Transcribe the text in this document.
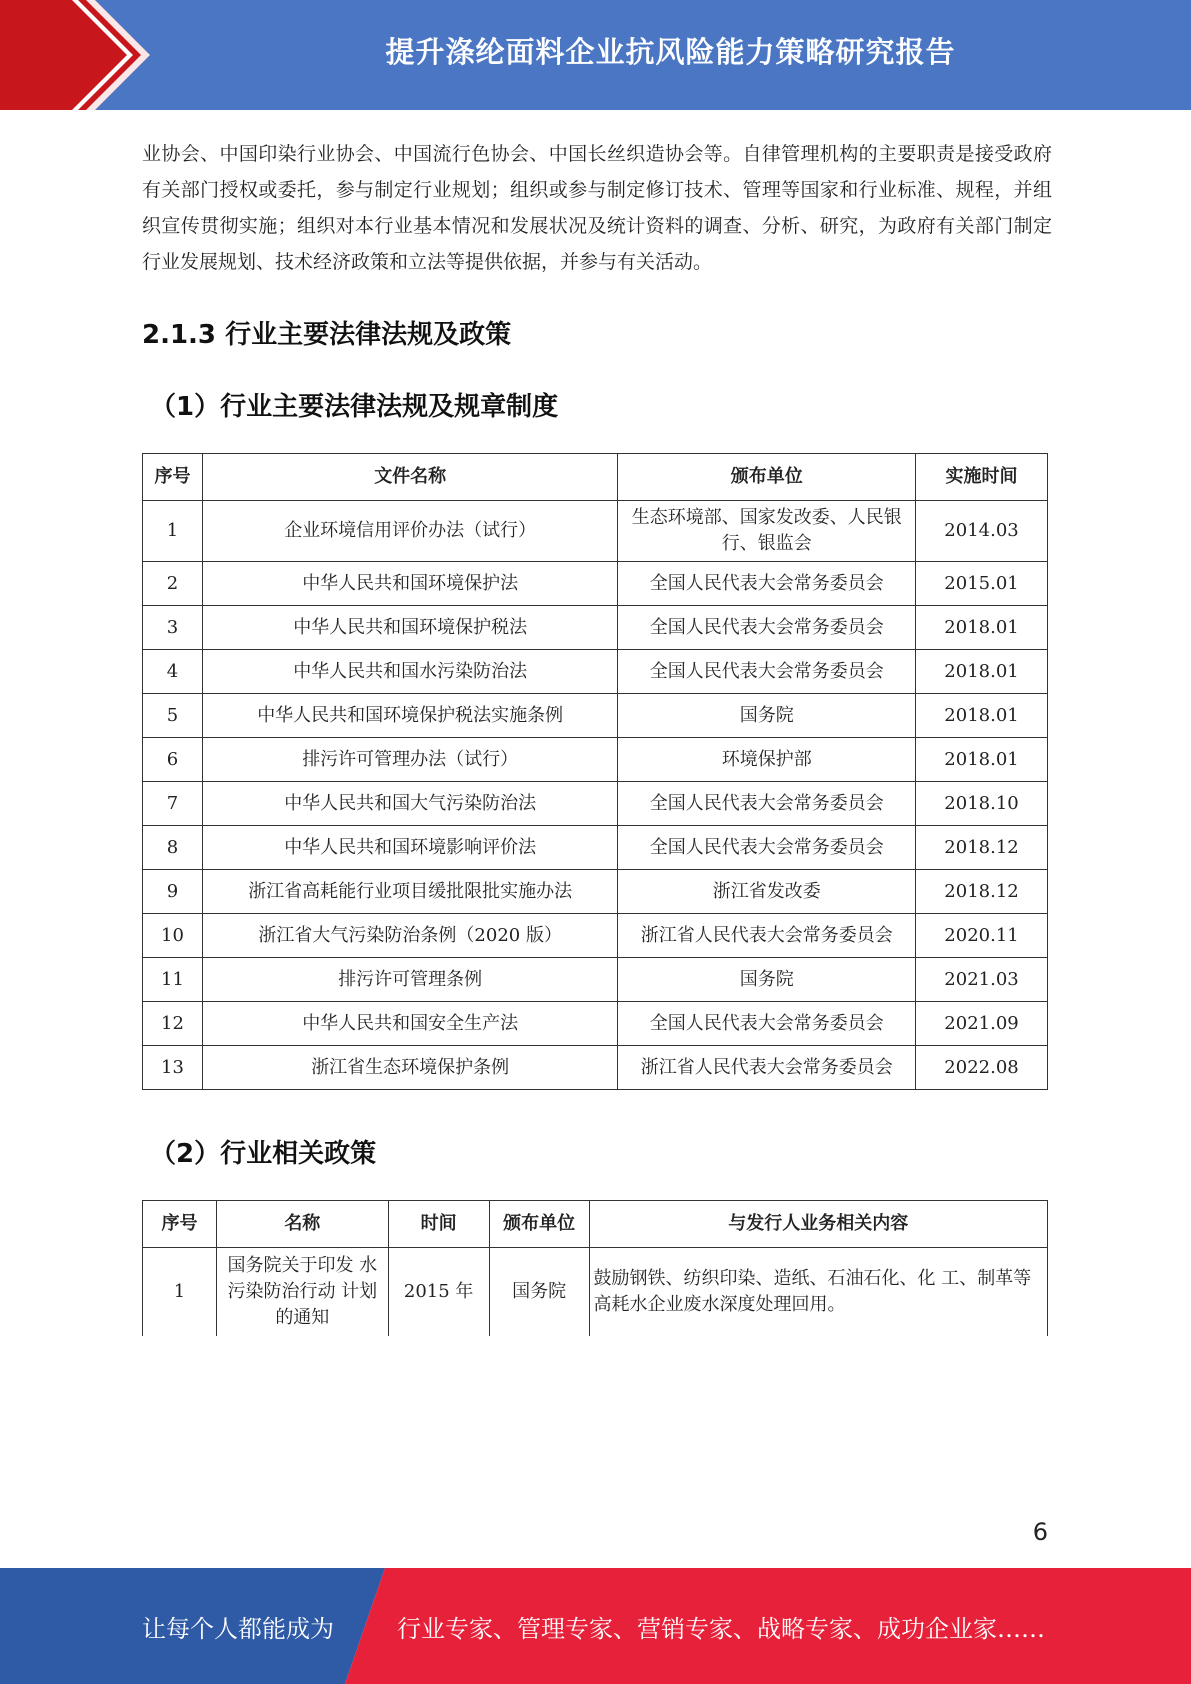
提升涤纶面料企业抗风险能力策略研究报告
业协会、中国印染行业协会、中国流行色协会、中国长丝织造协会等。自律管理机构的主要职责是接受政府有关部门授权或委托，参与制定行业规划；组织或参与制定修订技术、管理等国家和行业标准、规程，并组织宣传贯彻实施；组织对本行业基本情况和发展状况及统计资料的调查、分析、研究，为政府有关部门制定行业发展规划、技术经济政策和立法等提供依据，并参与有关活动。
2.1.3 行业主要法律法规及政策
（1）行业主要法律法规及规章制度
序号	文件名称	颁布单位	实施时间
1	企业环境信用评价办法（试行）	生态环境部、国家发改委、人民银行、银监会	2014.03
2	中华人民共和国环境保护法	全国人民代表大会常务委员会	2015.01
3	中华人民共和国环境保护税法	全国人民代表大会常务委员会	2018.01
4	中华人民共和国水污染防治法	全国人民代表大会常务委员会	2018.01
5	中华人民共和国环境保护税法实施条例	国务院	2018.01
6	排污许可管理办法（试行）	环境保护部	2018.01
7	中华人民共和国大气污染防治法	全国人民代表大会常务委员会	2018.10
8	中华人民共和国环境影响评价法	全国人民代表大会常务委员会	2018.12
9	浙江省高耗能行业项目缓批限批实施办法	浙江省发改委	2018.12
10	浙江省大气污染防治条例（2020 版）	浙江省人民代表大会常务委员会	2020.11
11	排污许可管理条例	国务院	2021.03
12	中华人民共和国安全生产法	全国人民代表大会常务委员会	2021.09
13	浙江省生态环境保护条例	浙江省人民代表大会常务委员会	2022.08
（2）行业相关政策
序号	名称	时间	颁布单位	与发行人业务相关内容
1	国务院关于印发 水污染防治行动 计划的通知	2015 年	国务院	鼓励钢铁、纺织印染、造纸、石油石化、化 工、制革等高耗水企业废水深度处理回用。
6
让每个人都能成为	行业专家、管理专家、营销专家、战略专家、成功企业家……
